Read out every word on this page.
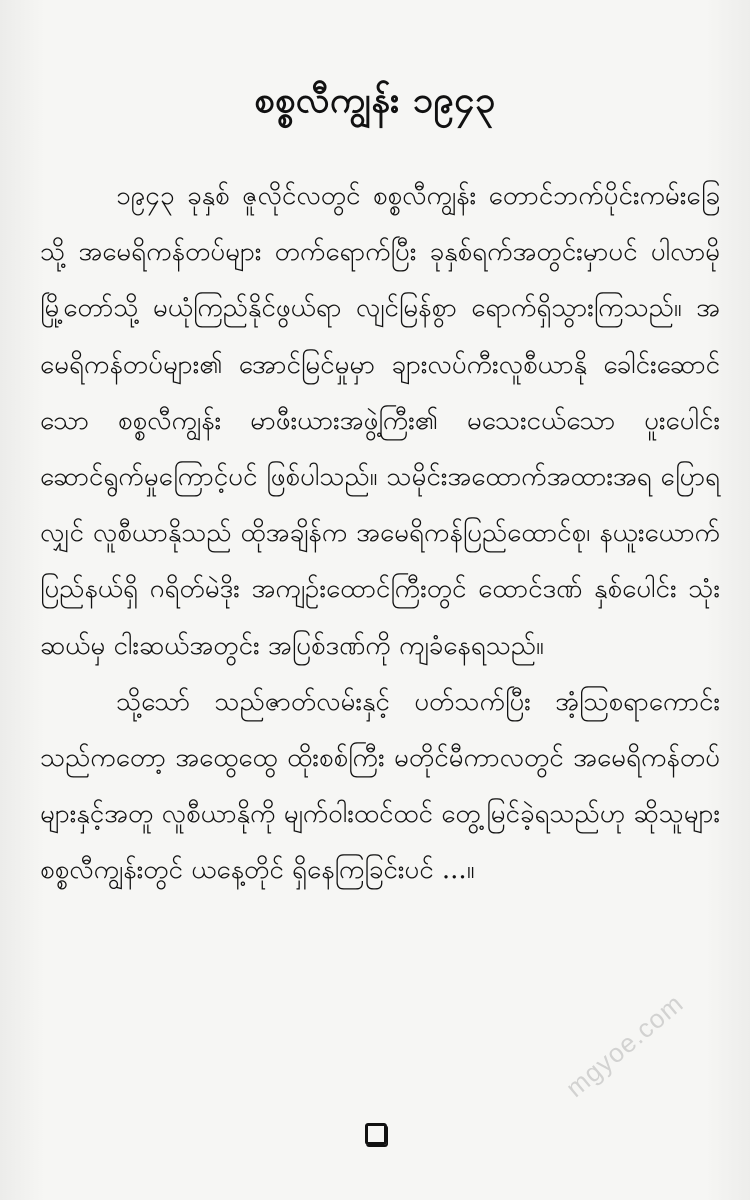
စစ္စလီကျွန်း ၁၉၄၃

၁၉၄၃ ခုနှစ် ဇူလိုင်လတွင် စစ္စလီကျွန်း တောင်ဘက်ပိုင်းကမ်းခြေသို့ အမေရိကန်တပ်များ တက်ရောက်ပြီး ခုနှစ်ရက်အတွင်းမှာပင် ပါလာမိုမြို့တော်သို့ မယုံကြည်နိုင်ဖွယ်ရာ လျင်မြန်စွာ ရောက်ရှိသွားကြသည်။ အမေရိကန်တပ်များ၏ အောင်မြင်မှုမှာ ချားလပ်ကီးလူစီယာနို ခေါင်းဆောင်သော စစ္စလီကျွန်း မာဖီးယားအဖွဲ့ကြီး၏ မသေးငယ်သော ပူးပေါင်းဆောင်ရွက်မှုကြောင့်ပင် ဖြစ်ပါသည်။ သမိုင်းအထောက်အထားအရ ပြောရလျှင် လူစီယာနိုသည် ထိုအချိန်က အမေရိကန်ပြည်ထောင်စု၊ နယူးယောက်ပြည်နယ်ရှိ ဂရိတ်မဲဒိုး အကျဉ်းထောင်ကြီးတွင် ထောင်ဒဏ် နှစ်ပေါင်း သုံးဆယ်မှ ငါးဆယ်အတွင်း အပြစ်ဒဏ်ကို ကျခံနေရသည်။

သို့သော် သည်ဇာတ်လမ်းနှင့် ပတ်သက်ပြီး အံ့ဩစရာကောင်းသည်ကတော့ အထွေထွေ ထိုးစစ်ကြီး မတိုင်မီကာလတွင် အမေရိကန်တပ်များနှင့်အတူ လူစီယာနိုကို မျက်ဝါးထင်ထင် တွေ့မြင်ခဲ့ရသည်ဟု ဆိုသူများ စစ္စလီကျွန်းတွင် ယနေ့တိုင် ရှိနေကြခြင်းပင် ...။

mgyoe.com
